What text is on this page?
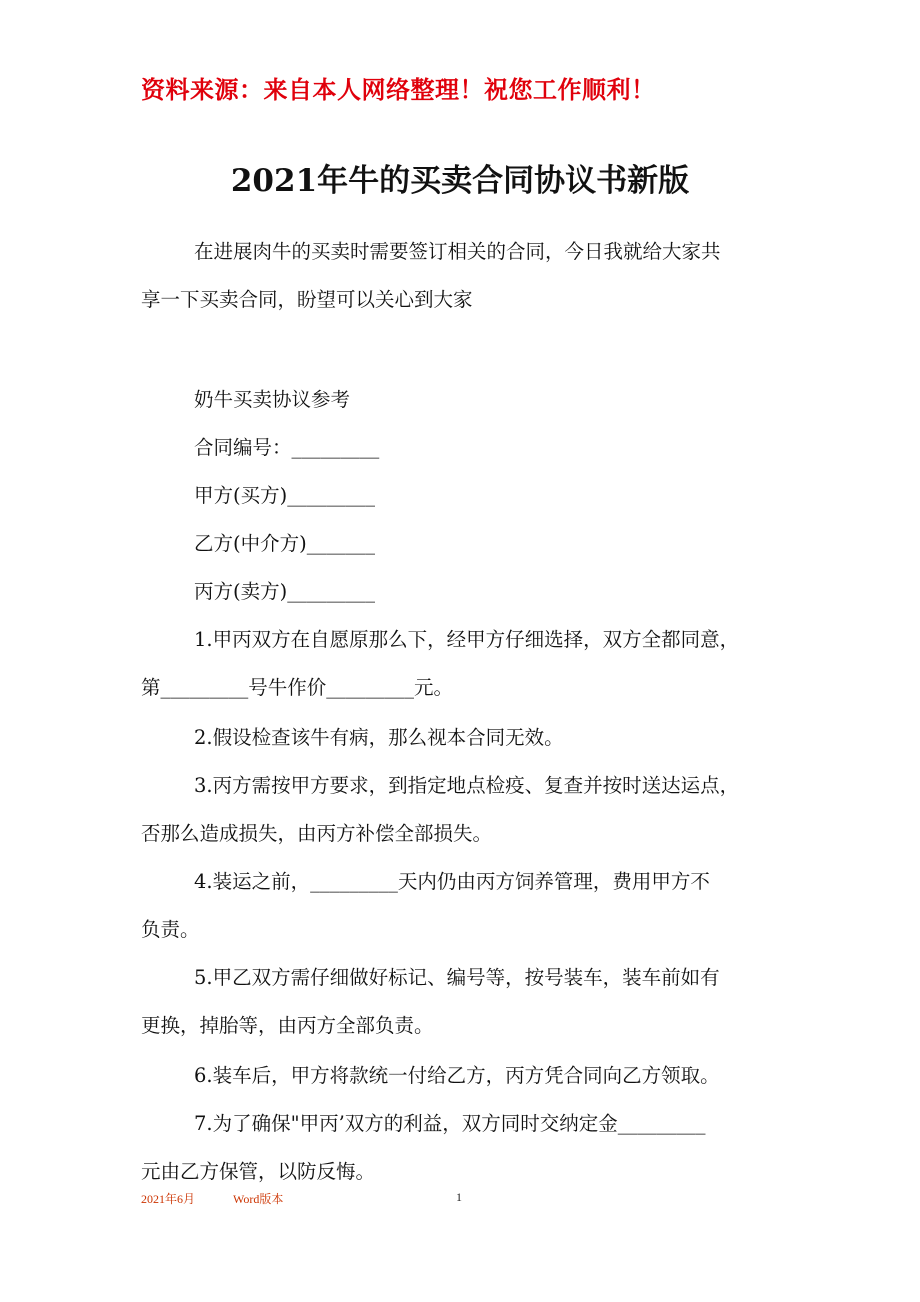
资料来源：来自本人网络整理！祝您工作顺利！
2021年牛的买卖合同协议书新版
在进展肉牛的买卖时需要签订相关的合同，今日我就给大家共
享一下买卖合同，盼望可以关心到大家
奶牛买卖协议参考
合同编号：_________
甲方(买方)_________
乙方(中介方)_______
丙方(卖方)_________
1.甲丙双方在自愿原那么下，经甲方仔细选择，双方全都同意，
第_________号牛作价_________元。
2.假设检查该牛有病，那么视本合同无效。
3.丙方需按甲方要求，到指定地点检疫、复查并按时送达运点，
否那么造成损失，由丙方补偿全部损失。
4.装运之前，_________天内仍由丙方饲养管理，费用甲方不
负责。
5.甲乙双方需仔细做好标记、编号等，按号装车，装车前如有
更换，掉胎等，由丙方全部负责。
6.装车后，甲方将款统一付给乙方，丙方凭合同向乙方领取。
7.为了确保"甲丙’双方的利益，双方同时交纳定金_________
元由乙方保管，以防反悔。
2021年6月	Word版本	1
